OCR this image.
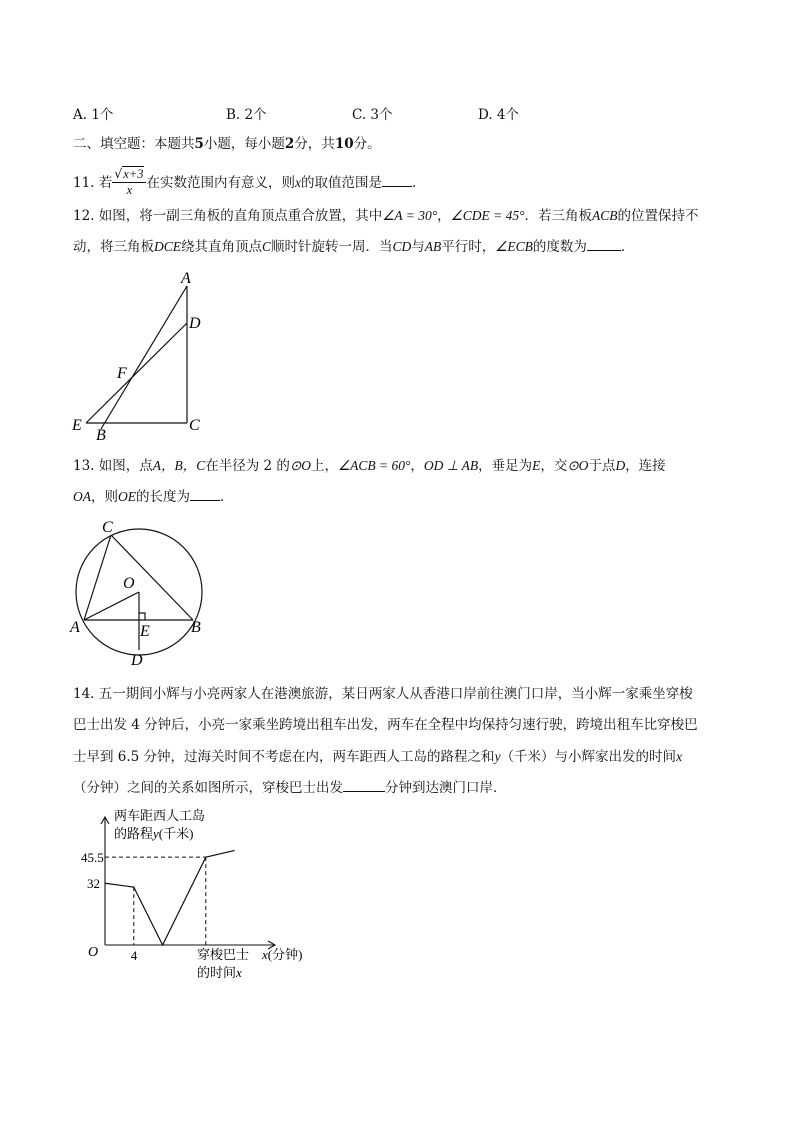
A. 1个	B. 2个	C. 3个	D. 4个
二、填空题：本题共5小题，每小题2分，共10分。
11. 若 $\frac{√x+3}{x}$ 在实数范围内有意义，则x的取值范围是 .
12. 如图，将一副三角板的直角顶点重合放置，其中∠A = 30°，∠CDE = 45°．若三角板ACB的位置保持不
动，将三角板DCE绕其直角顶点C顺时针旋转一周．当CD与AB平行时，∠ECB的度数为	．
A
D
F
E
B
C
13. 如图，点A，B，C在半径为 2 的⊙O上，∠ACB = 60°，OD ⊥ AB，垂足为E，交⊙O于点D，连接
OA，则OE的长度为 ．
C
O
A	E	B
D
14. 五一期间小辉与小亮两家人在港澳旅游，某日两家人从香港口岸前往澳门口岸，当小辉一家乘坐穿梭
巴士出发 4 分钟后，小亮一家乘坐跨境出租车出发，两车在全程中均保持匀速行驶，跨境出租车比穿梭巴
士早到 6.5 分钟，过海关时间不考虑在内，两车距西人工岛的路程之和y（千米）与小辉家出发的时间x
（分钟）之间的关系如图所示，穿梭巴士出发	分钟到达澳门口岸．
45.5
32
4
两车距西人工岛
的路程y(千米)
O	穿梭巴士
的时间x
x(分钟)
